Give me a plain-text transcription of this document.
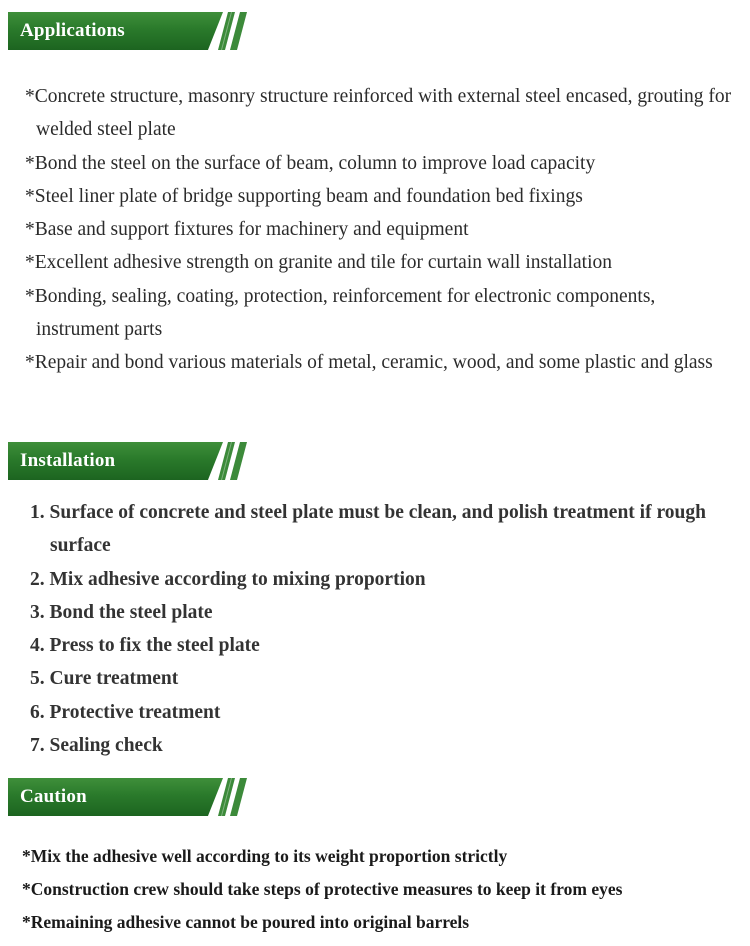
Applications
*Concrete structure, masonry structure reinforced with external steel encased, grouting for welded steel plate
*Bond the steel on the surface of beam, column to improve load capacity
*Steel liner plate of bridge supporting beam and foundation bed fixings
*Base and support fixtures for machinery and equipment
*Excellent adhesive strength on granite and tile for curtain wall installation
*Bonding, sealing, coating, protection, reinforcement for electronic components, instrument parts
*Repair and bond various materials of metal, ceramic, wood, and some plastic and glass
Installation
1. Surface of concrete and steel plate must be clean, and polish treatment if rough surface
2. Mix adhesive according to mixing proportion
3. Bond the steel plate
4. Press to fix the steel plate
5. Cure treatment
6. Protective treatment
7. Sealing check
Caution
*Mix the adhesive well according to its weight proportion strictly
*Construction crew should take steps of protective measures to keep it from eyes
*Remaining adhesive cannot be poured into original barrels
